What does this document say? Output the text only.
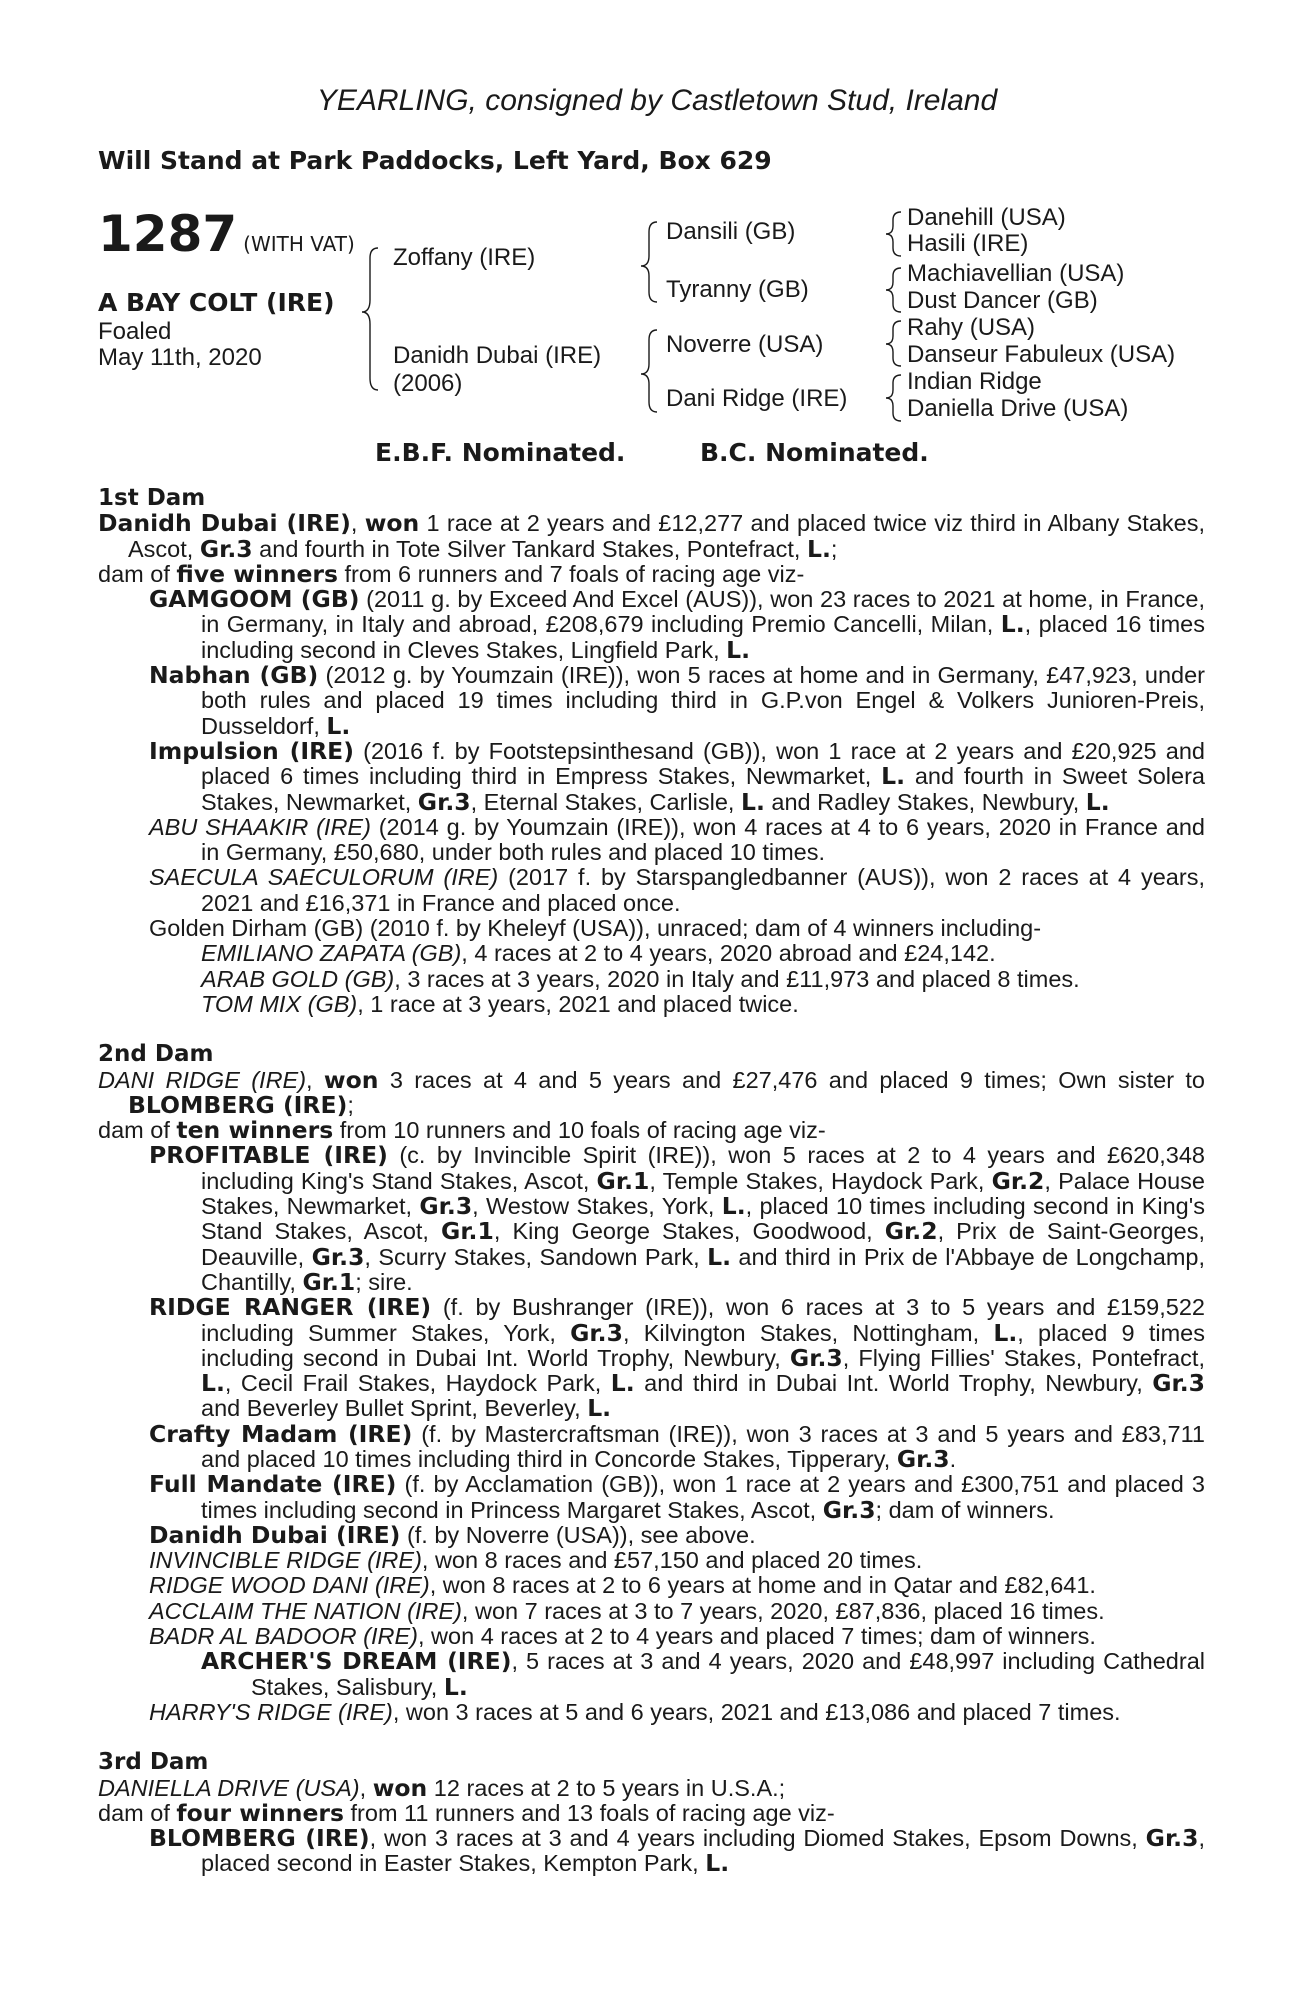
YEARLING, consigned by Castletown Stud, Ireland
Will Stand at Park Paddocks, Left Yard, Box 629
1287 (WITH VAT)
A BAY COLT (IRE)
Foaled
May 11th, 2020
Zoffany (IRE)
Danidh Dubai (IRE)
(2006)
Dansili (GB)
Tyranny (GB)
Noverre (USA)
Dani Ridge (IRE)
Danehill (USA)
Hasili (IRE)
Machiavellian (USA)
Dust Dancer (GB)
Rahy (USA)
Danseur Fabuleux (USA)
Indian Ridge
Daniella Drive (USA)
E.B.F. Nominated.	B.C. Nominated.
1st Dam
Danidh Dubai (IRE), won 1 race at 2 years and £12,277 and placed twice viz third in Albany Stakes, Ascot, Gr.3 and fourth in Tote Silver Tankard Stakes, Pontefract, L.;
dam of five winners from 6 runners and 7 foals of racing age viz-
GAMGOOM (GB) (2011 g. by Exceed And Excel (AUS)), won 23 races to 2021 at home, in France, in Germany, in Italy and abroad, £208,679 including Premio Cancelli, Milan, L., placed 16 times including second in Cleves Stakes, Lingfield Park, L.
Nabhan (GB) (2012 g. by Youmzain (IRE)), won 5 races at home and in Germany, £47,923, under both rules and placed 19 times including third in G.P.von Engel & Volkers Junioren-Preis, Dusseldorf, L.
Impulsion (IRE) (2016 f. by Footstepsinthesand (GB)), won 1 race at 2 years and £20,925 and placed 6 times including third in Empress Stakes, Newmarket, L. and fourth in Sweet Solera Stakes, Newmarket, Gr.3, Eternal Stakes, Carlisle, L. and Radley Stakes, Newbury, L.
ABU SHAAKIR (IRE) (2014 g. by Youmzain (IRE)), won 4 races at 4 to 6 years, 2020 in France and in Germany, £50,680, under both rules and placed 10 times.
SAECULA SAECULORUM (IRE) (2017 f. by Starspangledbanner (AUS)), won 2 races at 4 years, 2021 and £16,371 in France and placed once.
Golden Dirham (GB) (2010 f. by Kheleyf (USA)), unraced; dam of 4 winners including-
EMILIANO ZAPATA (GB), 4 races at 2 to 4 years, 2020 abroad and £24,142.
ARAB GOLD (GB), 3 races at 3 years, 2020 in Italy and £11,973 and placed 8 times.
TOM MIX (GB), 1 race at 3 years, 2021 and placed twice.
2nd Dam
DANI RIDGE (IRE), won 3 races at 4 and 5 years and £27,476 and placed 9 times; Own sister to BLOMBERG (IRE);
dam of ten winners from 10 runners and 10 foals of racing age viz-
PROFITABLE (IRE) (c. by Invincible Spirit (IRE)), won 5 races at 2 to 4 years and £620,348 including King's Stand Stakes, Ascot, Gr.1, Temple Stakes, Haydock Park, Gr.2, Palace House Stakes, Newmarket, Gr.3, Westow Stakes, York, L., placed 10 times including second in King's Stand Stakes, Ascot, Gr.1, King George Stakes, Goodwood, Gr.2, Prix de Saint-Georges, Deauville, Gr.3, Scurry Stakes, Sandown Park, L. and third in Prix de l'Abbaye de Longchamp, Chantilly, Gr.1; sire.
RIDGE RANGER (IRE) (f. by Bushranger (IRE)), won 6 races at 3 to 5 years and £159,522 including Summer Stakes, York, Gr.3, Kilvington Stakes, Nottingham, L., placed 9 times including second in Dubai Int. World Trophy, Newbury, Gr.3, Flying Fillies' Stakes, Pontefract, L., Cecil Frail Stakes, Haydock Park, L. and third in Dubai Int. World Trophy, Newbury, Gr.3 and Beverley Bullet Sprint, Beverley, L.
Crafty Madam (IRE) (f. by Mastercraftsman (IRE)), won 3 races at 3 and 5 years and £83,711 and placed 10 times including third in Concorde Stakes, Tipperary, Gr.3.
Full Mandate (IRE) (f. by Acclamation (GB)), won 1 race at 2 years and £300,751 and placed 3 times including second in Princess Margaret Stakes, Ascot, Gr.3; dam of winners.
Danidh Dubai (IRE) (f. by Noverre (USA)), see above.
INVINCIBLE RIDGE (IRE), won 8 races and £57,150 and placed 20 times.
RIDGE WOOD DANI (IRE), won 8 races at 2 to 6 years at home and in Qatar and £82,641.
ACCLAIM THE NATION (IRE), won 7 races at 3 to 7 years, 2020, £87,836, placed 16 times.
BADR AL BADOOR (IRE), won 4 races at 2 to 4 years and placed 7 times; dam of winners.
ARCHER'S DREAM (IRE), 5 races at 3 and 4 years, 2020 and £48,997 including Cathedral Stakes, Salisbury, L.
HARRY'S RIDGE (IRE), won 3 races at 5 and 6 years, 2021 and £13,086 and placed 7 times.
3rd Dam
DANIELLA DRIVE (USA), won 12 races at 2 to 5 years in U.S.A.;
dam of four winners from 11 runners and 13 foals of racing age viz-
BLOMBERG (IRE), won 3 races at 3 and 4 years including Diomed Stakes, Epsom Downs, Gr.3, placed second in Easter Stakes, Kempton Park, L.
